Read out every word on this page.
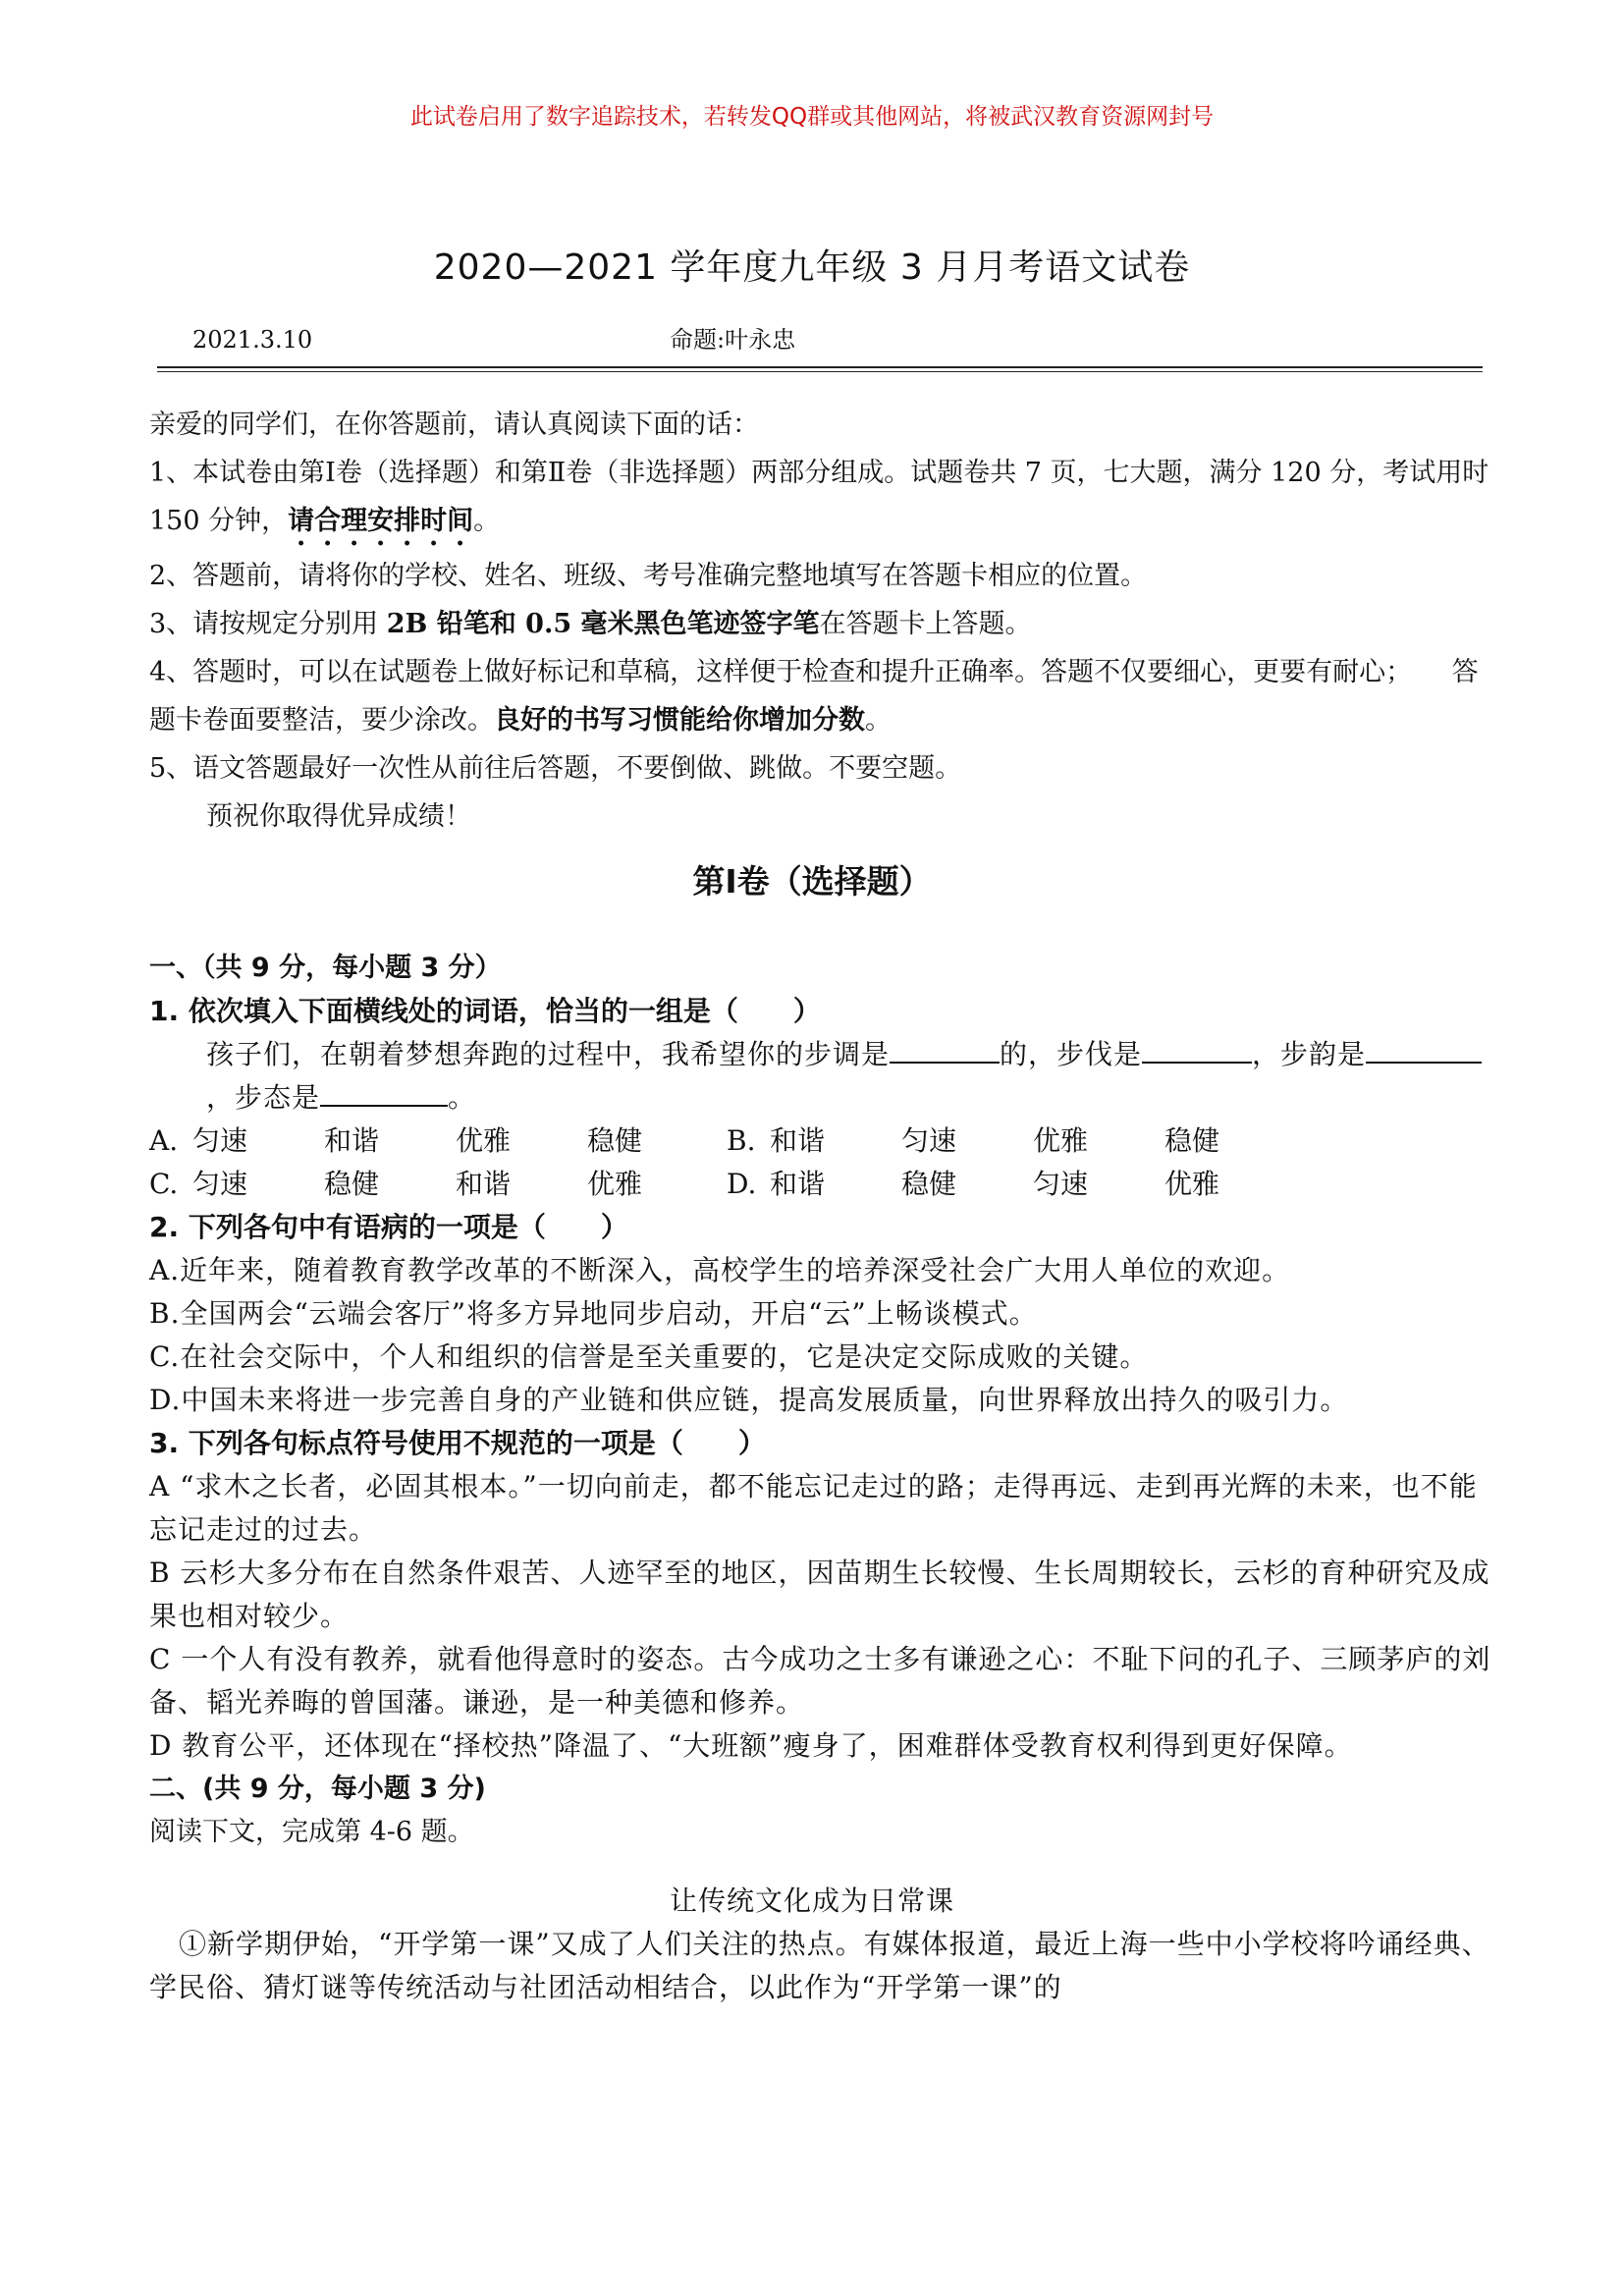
此试卷启用了数字追踪技术，若转发QQ群或其他网站，将被武汉教育资源网封号
2020—2021 学年度九年级 3 月月考语文试卷
2021.3.10	命题:叶永忠

亲爱的同学们，在你答题前，请认真阅读下面的话：

1、本试卷由第Ⅰ卷（选择题）和第Ⅱ卷（非选择题）两部分组成。试题卷共 7 页，七大题，满分 120 分，考试用时 150 分钟，请合理安排时间。

2、答题前，请将你的学校、姓名、班级、考号准确完整地填写在答题卡相应的位置。

3、请按规定分别用 2B 铅笔和 0.5 毫米黑色笔迹签字笔在答题卡上答题。

4、答题时，可以在试题卷上做好标记和草稿，这样便于检查和提升正确率。答题不仅要细心，更要有耐心；　　答题卡卷面要整洁，要少涂改。良好的书写习惯能给你增加分数。

5、语文答题最好一次性从前往后答题，不要倒做、跳做。不要空题。

预祝你取得优异成绩！

第Ⅰ卷（选择题）
一、（共 9 分，每小题 3 分）
1. 依次填入下面横线处的词语，恰当的一组是（　　）
孩子们，在朝着梦想奔跑的过程中，我希望你的步调是	的，步伐是	，步韵是，步态是	。
A. 匀速	和谐	优雅	稳健	B. 和谐	匀速	优雅	稳健
C. 匀速	稳健	和谐	优雅	D. 和谐	稳健	匀速	优雅
2. 下列各句中有语病的一项是（　　）
A.近年来，随着教育教学改革的不断深入，高校学生的培养深受社会广大用人单位的欢迎。
B.全国两会“云端会客厅”将多方异地同步启动，开启“云”上畅谈模式。
C.在社会交际中，个人和组织的信誉是至关重要的，它是决定交际成败的关键。
D.中国未来将进一步完善自身的产业链和供应链，提高发展质量，向世界释放出持久的吸引力。
3. 下列各句标点符号使用不规范的一项是（　　）
A “求木之长者，必固其根本。”一切向前走，都不能忘记走过的路；走得再远、走到再光辉的未来，也不能忘记走过的过去。
B 云杉大多分布在自然条件艰苦、人迹罕至的地区，因苗期生长较慢、生长周期较长，云杉的育种研究及成果也相对较少。
C 一个人有没有教养，就看他得意时的姿态。古今成功之士多有谦逊之心：不耻下问的孔子、三顾茅庐的刘备、韬光养晦的曾国藩。谦逊，是一种美德和修养。
D 教育公平，还体现在“择校热”降温了、“大班额”瘦身了，困难群体受教育权利得到更好保障。
二、(共 9 分，每小题 3 分)
阅读下文，完成第 4-6 题。
让传统文化成为日常课
①新学期伊始，“开学第一课”又成了人们关注的热点。有媒体报道，最近上海一些中小学校将吟诵经典、学民俗、猜灯谜等传统活动与社团活动相结合，以此作为“开学第一课”的
